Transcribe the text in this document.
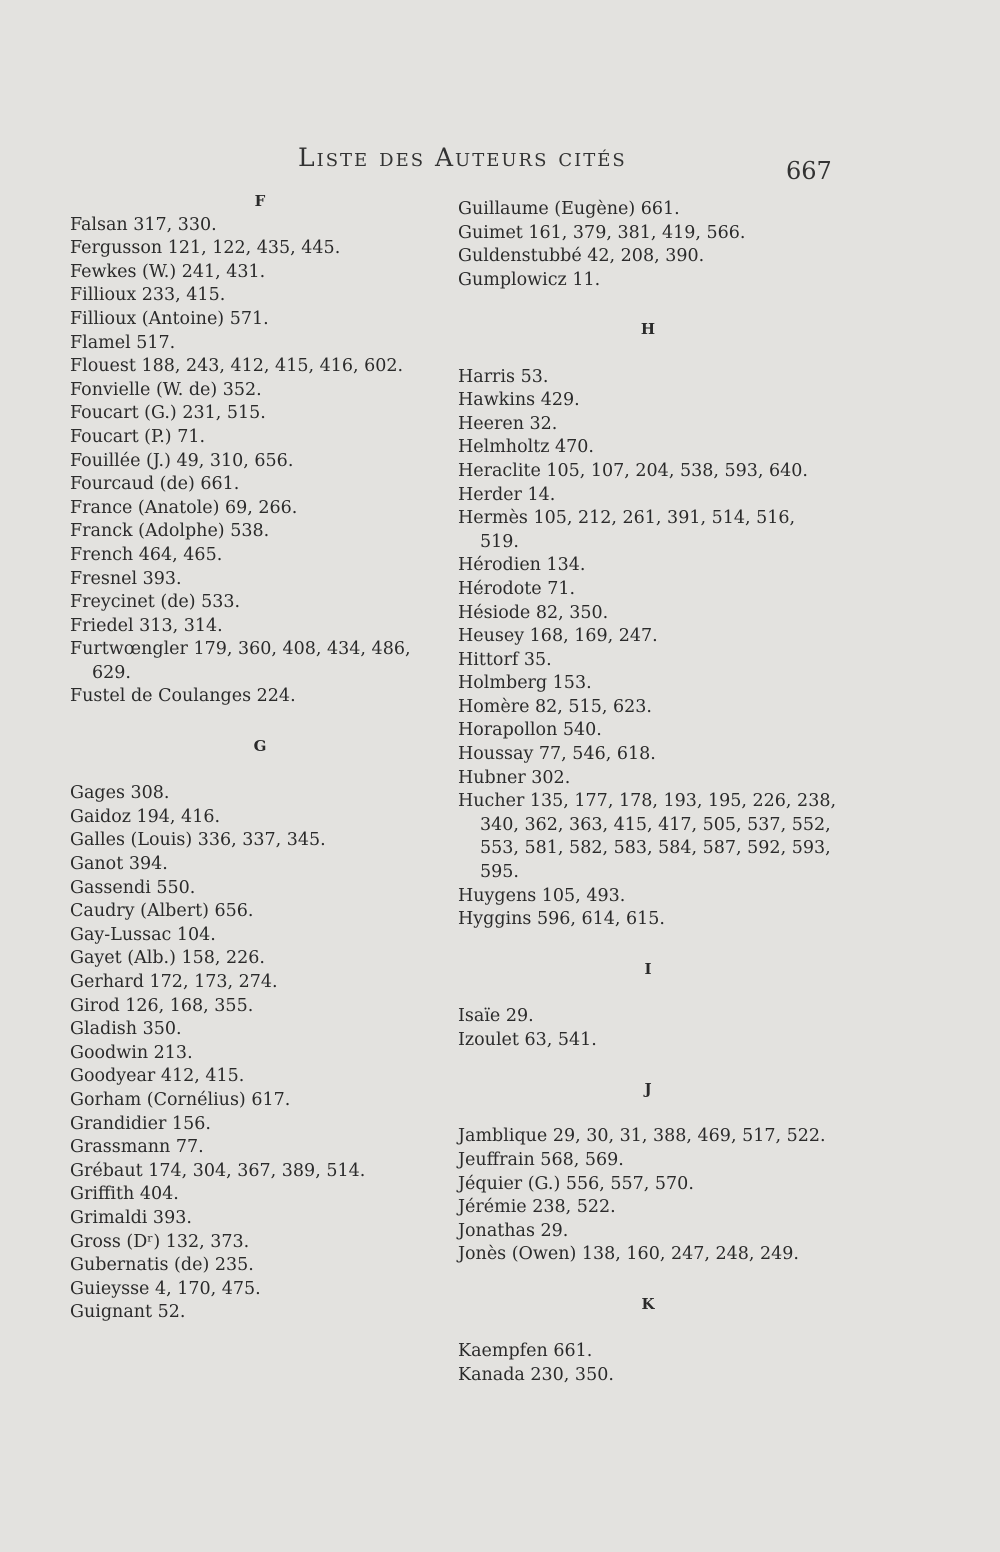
Liste des Auteurs cités	667
F

Falsan 317, 330.

Fergusson 121, 122, 435, 445.

Fewkes (W.) 241, 431.

Fillioux 233, 415.

Fillioux (Antoine) 571.

Flamel 517.

Flouest 188, 243, 412, 415, 416, 602.

Fonvielle (W. de) 352.

Foucart (G.) 231, 515.

Foucart (P.) 71.

Fouillée (J.) 49, 310, 656.

Fourcaud (de) 661.

France (Anatole) 69, 266.

Franck (Adolphe) 538.

French 464, 465.

Fresnel 393.

Freycinet (de) 533.

Friedel 313, 314.

Furtwœngler 179, 360, 408, 434, 486, 629.

Fustel de Coulanges 224.

G

Gages 308.

Gaidoz 194, 416.

Galles (Louis) 336, 337, 345.

Ganot 394.

Gassendi 550.

Caudry (Albert) 656.

Gay-Lussac 104.

Gayet (Alb.) 158, 226.

Gerhard 172, 173, 274.

Girod 126, 168, 355.

Gladish 350.

Goodwin 213.

Goodyear 412, 415.

Gorham (Cornélius) 617.

Grandidier 156.

Grassmann 77.

Grébaut 174, 304, 367, 389, 514.

Griffith 404.

Grimaldi 393.

Gross (Dʳ) 132, 373.

Gubernatis (de) 235.

Guieysse 4, 170, 475.

Guignant 52.

Guillaume (Eugène) 661.

Guimet 161, 379, 381, 419, 566.

Guldenstubbé 42, 208, 390.

Gumplowicz 11.

H

Harris 53.

Hawkins 429.

Heeren 32.

Helmholtz 470.

Heraclite 105, 107, 204, 538, 593, 640.

Herder 14.

Hermès 105, 212, 261, 391, 514, 516, 519.

Hérodien 134.

Hérodote 71.

Hésiode 82, 350.

Heusey 168, 169, 247.

Hittorf 35.

Holmberg 153.

Homère 82, 515, 623.

Horapollon 540.

Houssay 77, 546, 618.

Hubner 302.

Hucher 135, 177, 178, 193, 195, 226, 238, 340, 362, 363, 415, 417, 505, 537, 552, 553, 581, 582, 583, 584, 587, 592, 593, 595.

Huygens 105, 493.

Hyggins 596, 614, 615.

I

Isaïe 29.

Izoulet 63, 541.

J

Jamblique 29, 30, 31, 388, 469, 517, 522.

Jeuffrain 568, 569.

Jéquier (G.) 556, 557, 570.

Jérémie 238, 522.

Jonathas 29.

Jonès (Owen) 138, 160, 247, 248, 249.

K

Kaempfen 661.

Kanada 230, 350.
